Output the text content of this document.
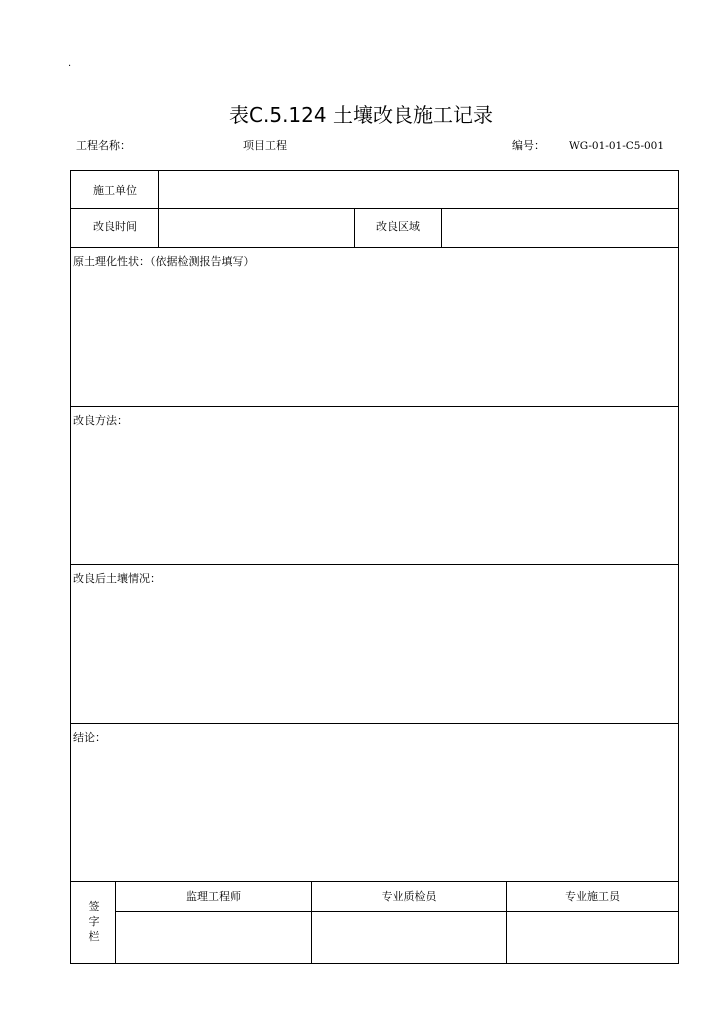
·
表C.5.124 土壤改良施工记录
工程名称：	项目工程	编号： WG-01-01-C5-001
施工单位
改良时间	改良区域
原土理化性状：（依据检测报告填写）
改良方法：
改良后土壤情况：
结论：
签字栏
监理工程师	专业质检员	专业施工员
